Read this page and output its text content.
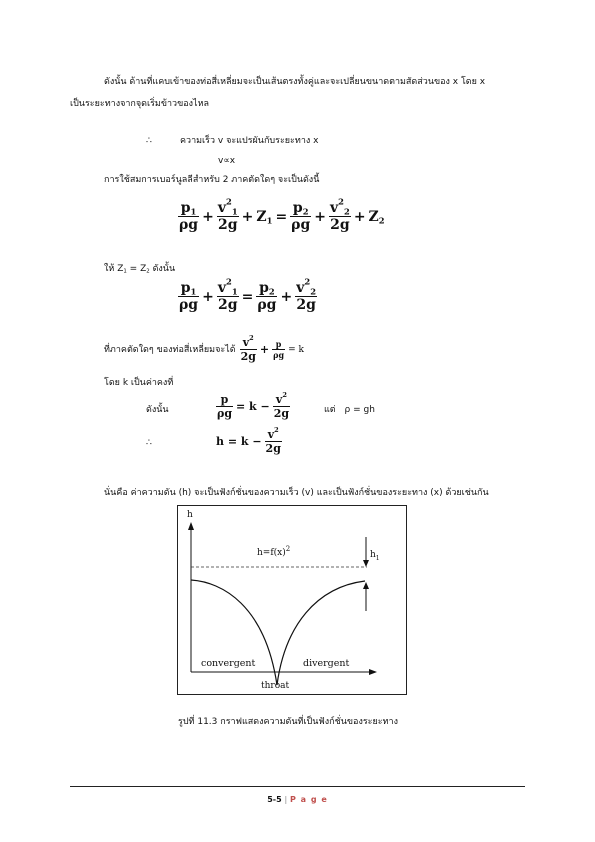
ดังนั้น ด้านที่แคบเข้าของท่อสี่เหลี่ยมจะเป็นเส้นตรงทั้งคู่และจะเปลี่ยนขนาดตามสัดส่วนของ x โดย x
เป็นระยะทางจากจุดเริ่มข้าวของไหล
∴	ความเร็ว v จะแปรผันกับระยะทาง x
v∝x
การใช้สมการเบอร์นูลลีสำหรับ 2 ภาคตัดใดๆ จะเป็นดังนี้
$\frac{p_1}{\rho g} + \frac{v^2_1}{2g} + Z_1 = \frac{p_2}{\rho g} + \frac{v^2_2}{2g} + Z_2$
ให้ $Z_1 = Z_2$ ดังนั้น
$\frac{p_1}{\rho g} + \frac{v^2_1}{2g} = \frac{p_2}{\rho g} + \frac{v^2_2}{2g}$
ที่ภาคตัดใดๆ ของท่อสี่เหลี่ยมจะได้ $\frac{v^2}{2g} + \frac{p}{\rho g} = k$
โดย k เป็นค่าคงที่
ดังนั้น	$\frac{p}{\rho g} = k - \frac{v^2}{2g}$	แต่ ρ = gh
∴	$h = k - \frac{v^2}{2g}$
นั่นคือ ค่าความดัน (h) จะเป็นฟังก์ชั่นของความเร็ว (v) และเป็นฟังก์ชั่นของระยะทาง (x) ด้วยเช่นกัน
h
$h=f(x)^2$
$h_1$
convergent	divergent
throat
รูปที่ 11.3 กราฟแสดงความดันที่เป็นฟังก์ชั่นของระยะทาง
5-5 | P a g e
